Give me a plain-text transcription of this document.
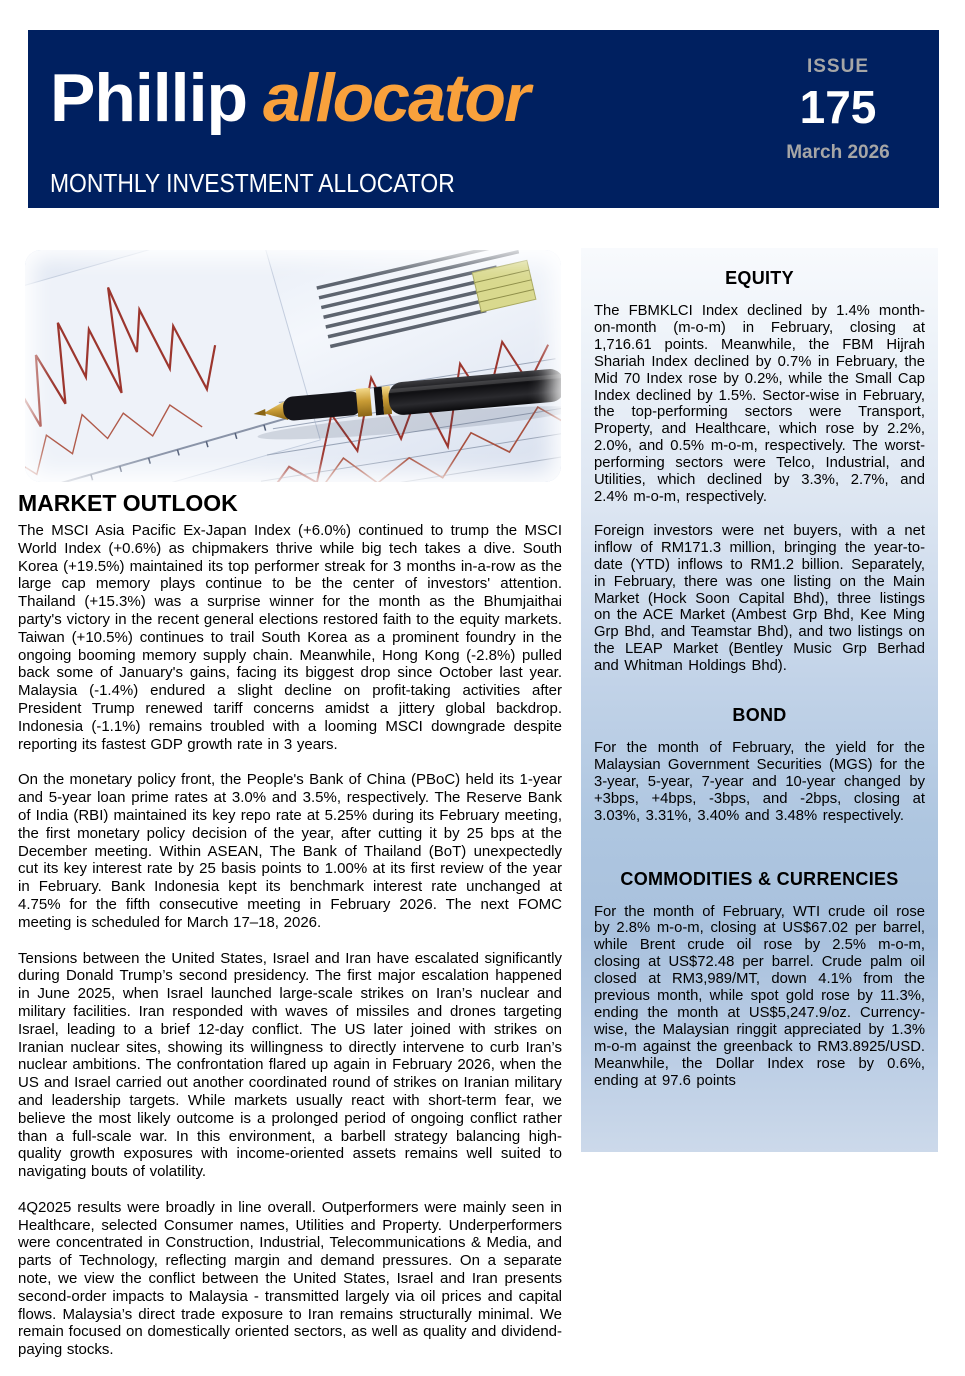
Phillip allocator
MONTHLY INVESTMENT ALLOCATOR
ISSUE
175
March 2026
MARKET OUTLOOK

The MSCI Asia Pacific Ex-Japan Index (+6.0%) continued to trump the MSCI World Index (+0.6%) as chipmakers thrive while big tech takes a dive. South Korea (+19.5%) maintained its top performer streak for 3 months in-a-row as the large cap memory plays continue to be the center of investors' attention. Thailand (+15.3%) was a surprise winner for the month as the Bhumjaithai party's victory in the recent general elections restored faith to the equity markets. Taiwan (+10.5%) continues to trail South Korea as a prominent foundry in the ongoing booming memory supply chain. Meanwhile, Hong Kong (-2.8%) pulled back some of January's gains, facing its biggest drop since October last year. Malaysia (-1.4%) endured a slight decline on profit-taking activities after President Trump renewed tariff concerns amidst a jittery global backdrop. Indonesia (-1.1%) remains troubled with a looming MSCI downgrade despite reporting its fastest GDP growth rate in 3 years.

On the monetary policy front, the People's Bank of China (PBoC) held its 1-year and 5-year loan prime rates at 3.0% and 3.5%, respectively. The Reserve Bank of India (RBI) maintained its key repo rate at 5.25% during its February meeting, the first monetary policy decision of the year, after cutting it by 25 bps at the December meeting. Within ASEAN, The Bank of Thailand (BoT) unexpectedly cut its key interest rate by 25 basis points to 1.00% at its first review of the year in February. Bank Indonesia kept its benchmark interest rate unchanged at 4.75% for the fifth consecutive meeting in February 2026. The next FOMC meeting is scheduled for March 17–18, 2026.

Tensions between the United States, Israel and Iran have escalated significantly during Donald Trump’s second presidency. The first major escalation happened in June 2025, when Israel launched large-scale strikes on Iran’s nuclear and military facilities. Iran responded with waves of missiles and drones targeting Israel, leading to a brief 12-day conflict. The US later joined with strikes on Iranian nuclear sites, showing its willingness to directly intervene to curb Iran’s nuclear ambitions. The confrontation flared up again in February 2026, when the US and Israel carried out another coordinated round of strikes on Iranian military and leadership targets. While markets usually react with short-term fear, we believe the most likely outcome is a prolonged period of ongoing conflict rather than a full-scale war. In this environment, a barbell strategy balancing high-quality growth exposures with income-oriented assets remains well suited to navigating bouts of volatility.

4Q2025 results were broadly in line overall. Outperformers were mainly seen in Healthcare, selected Consumer names, Utilities and Property. Underperformers were concentrated in Construction, Industrial, Telecommunications & Media, and parts of Technology, reflecting margin and demand pressures. On a separate note, we view the conflict between the United States, Israel and Iran presents second-order impacts to Malaysia - transmitted largely via oil prices and capital flows. Malaysia’s direct trade exposure to Iran remains structurally minimal. We remain focused on domestically oriented sectors, as well as quality and dividend-paying stocks.

EQUITY

The FBMKLCI Index declined by 1.4% month-on-month (m-o-m) in February, closing at 1,716.61 points. Meanwhile, the FBM Hijrah Shariah Index declined by 0.7% in February, the Mid 70 Index rose by 0.2%, while the Small Cap Index declined by 1.5%. Sector-wise in February, the top-performing sectors were Transport, Property, and Healthcare, which rose by 2.2%, 2.0%, and 0.5% m-o-m, respectively. The worst-performing sectors were Telco, Industrial, and Utilities, which declined by 3.3%, 2.7%, and 2.4% m-o-m, respectively.

Foreign investors were net buyers, with a net inflow of RM171.3 million, bringing the year-to-date (YTD) inflows to RM1.2 billion. Separately, in February, there was one listing on the Main Market (Hock Soon Capital Bhd), three listings on the ACE Market (Ambest Grp Bhd, Kee Ming Grp Bhd, and Teamstar Bhd), and two listings on the LEAP Market (Bentley Music Grp Berhad and Whitman Holdings Bhd).

BOND

For the month of February, the yield for the Malaysian Government Securities (MGS) for the 3-year, 5-year, 7-year and 10-year changed by +3bps, +4bps, -3bps, and -2bps, closing at 3.03%, 3.31%, 3.40% and 3.48% respectively.

COMMODITIES & CURRENCIES

For the month of February, WTI crude oil rose by 2.8% m-o-m, closing at US$67.02 per barrel, while Brent crude oil rose by 2.5% m-o-m, closing at US$72.48 per barrel. Crude palm oil closed at RM3,989/MT, down 4.1% from the previous month, while spot gold rose by 11.3%, ending the month at US$5,247.9/oz. Currency-wise, the Malaysian ringgit appreciated by 1.3% m-o-m against the greenback to RM3.8925/USD. Meanwhile, the Dollar Index rose by 0.6%, ending at 97.6 points
